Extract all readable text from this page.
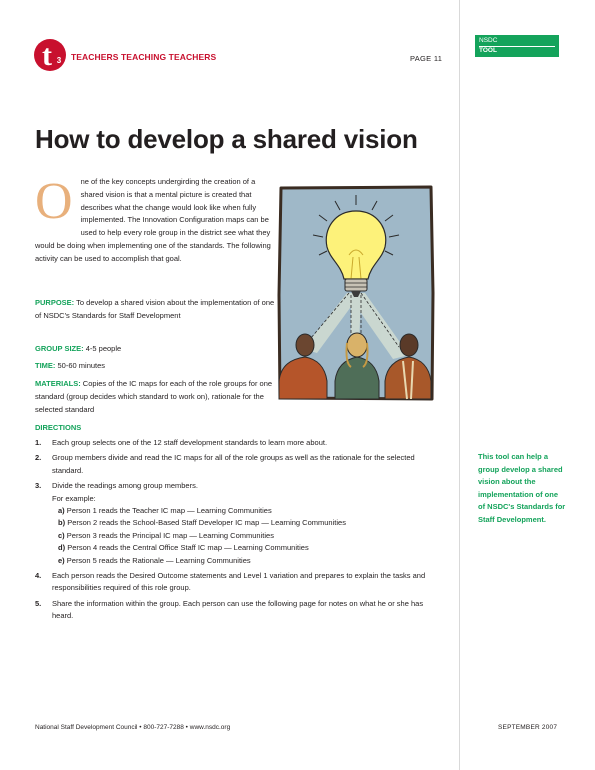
t 3 TEACHERS TEACHING TEACHERS	PAGE 11
NSDC
TOOL
How to develop a shared vision
O ne of the key concepts undergirding the creation of a shared vision is that a mental picture is created that describes what the change would look like when fully implemented. The Innovation Configuration maps can be used to help every role group in the district see what they would be doing when implementing one of the standards. The following activity can be used to accomplish that goal.
PURPOSE: To develop a shared vision about the implementation of one of NSDC's Standards for Staff Development
GROUP SIZE: 4-5 people
TIME: 50-60 minutes
MATERIALS: Copies of the IC maps for each of the role groups for one standard (group decides which standard to work on), rationale for the selected standard
DIRECTIONS
1. Each group selects one of the 12 staff development standards to learn more about.
2. Group members divide and read the IC maps for all of the role groups as well as the rationale for the selected standard.
3. Divide the readings among group members.
For example:
a) Person 1 reads the Teacher IC map — Learning Communities
b) Person 2 reads the School-Based Staff Developer IC map — Learning Communities
c) Person 3 reads the Principal IC map — Learning Communities
d) Person 4 reads the Central Office Staff IC map — Learning Communities
e) Person 5 reads the Rationale — Learning Communities
4. Each person reads the Desired Outcome statements and Level 1 variation and prepares to explain the tasks and responsibilities required of this role group.
5. Share the information within the group. Each person can use the following page for notes on what he or she has heard.
This tool can help a group develop a shared vision about the implementation of one of NSDC's Standards for Staff Development.
National Staff Development Council • 800-727-7288 • www.nsdc.org	SEPTEMBER 2007
